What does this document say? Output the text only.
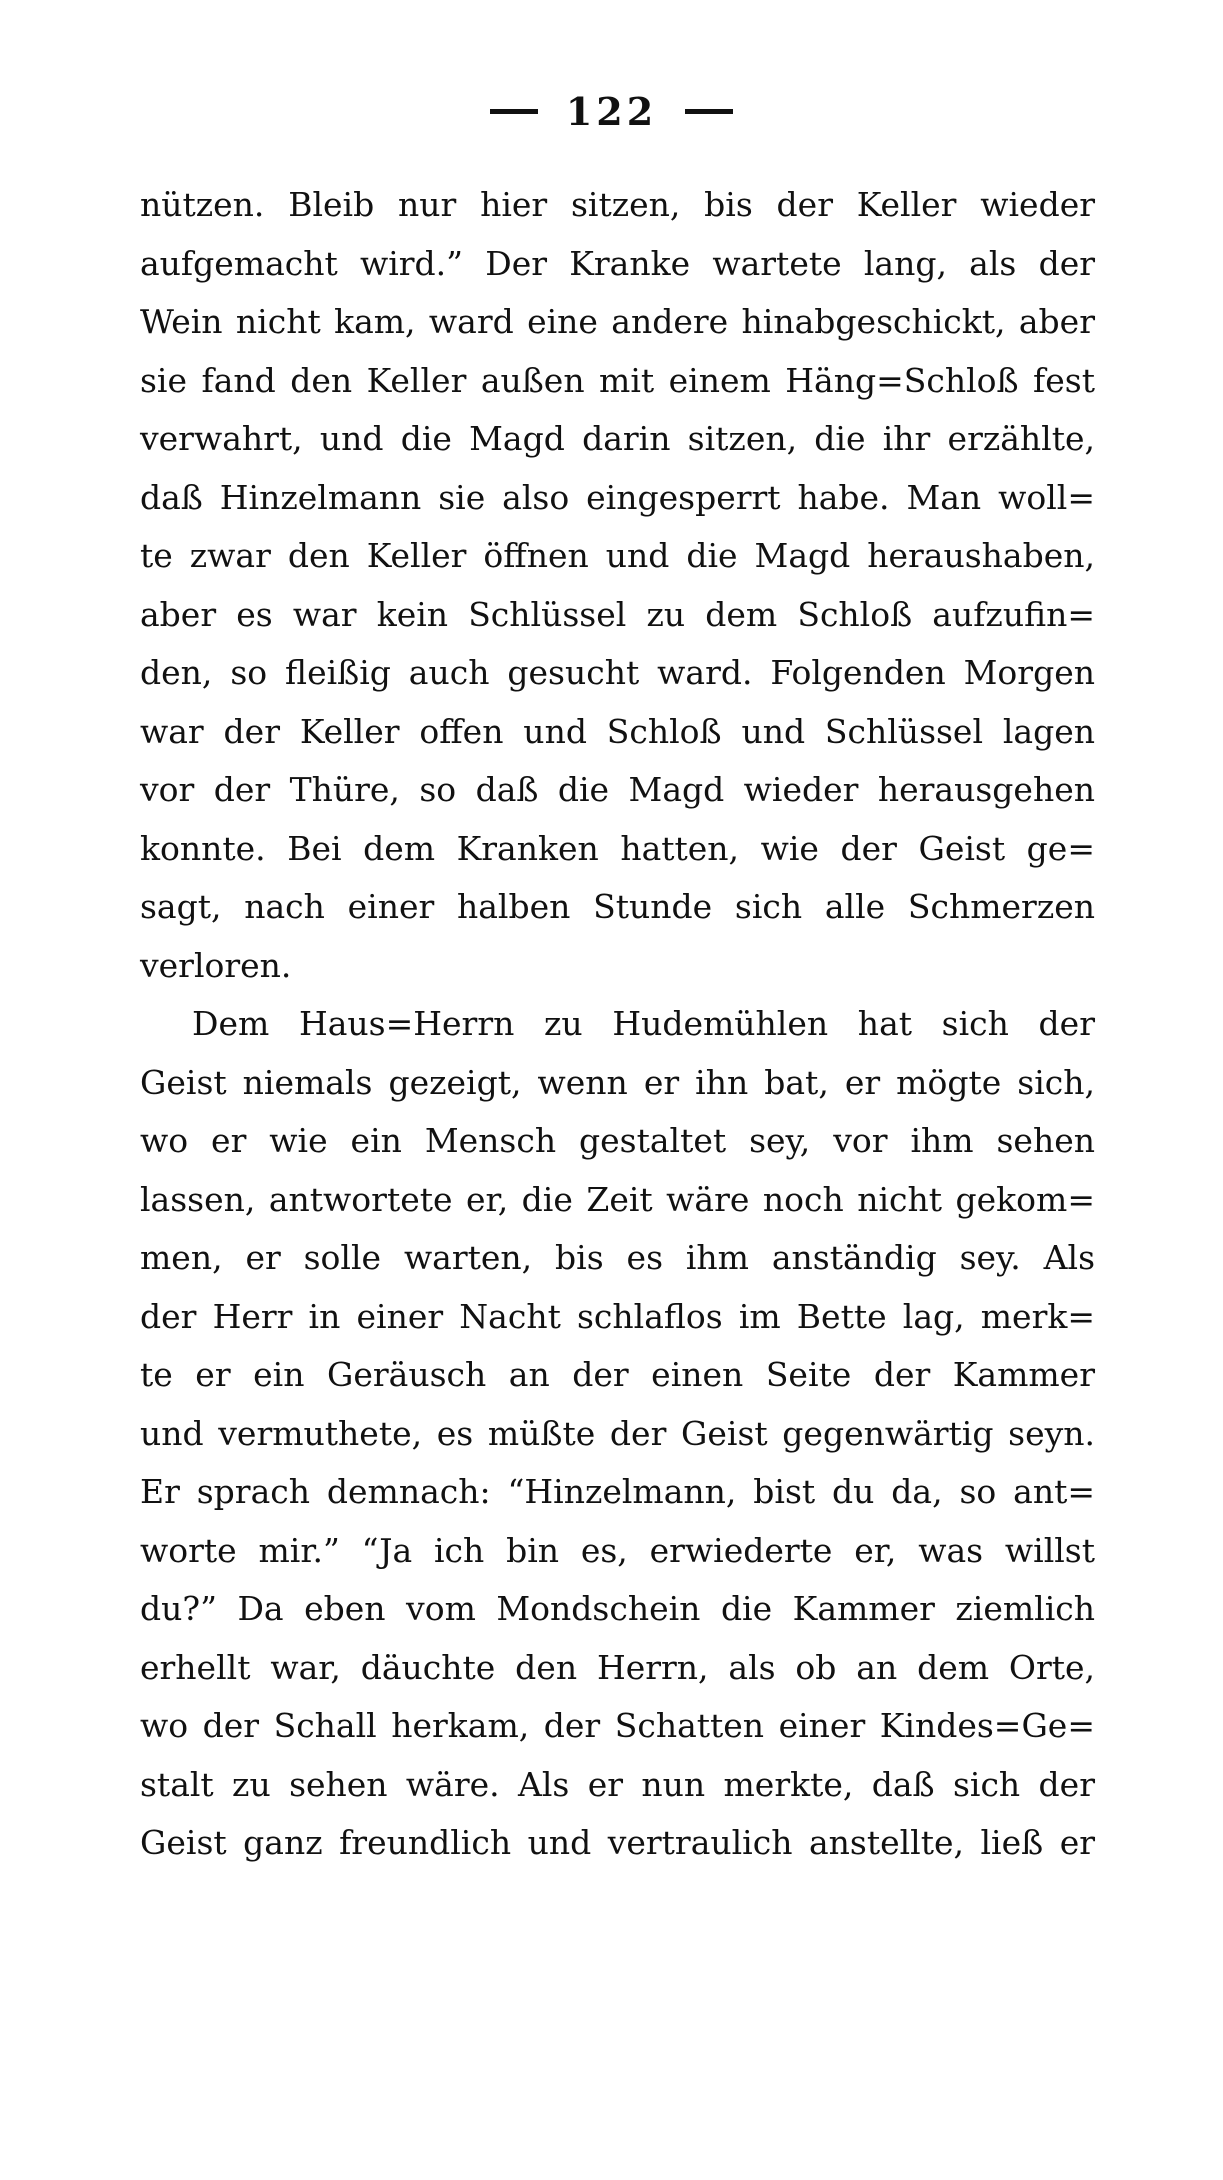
122
nützen. Bleib nur hier sitzen, bis der Keller wieder
aufgemacht wird.” Der Kranke wartete lang, als der
Wein nicht kam, ward eine andere hinabgeschickt, aber
sie fand den Keller außen mit einem Häng=Schloß fest
verwahrt, und die Magd darin sitzen, die ihr erzählte,
daß Hinzelmann sie also eingesperrt habe. Man woll=
te zwar den Keller öffnen und die Magd heraushaben,
aber es war kein Schlüssel zu dem Schloß aufzufin=
den, so fleißig auch gesucht ward. Folgenden Morgen
war der Keller offen und Schloß und Schlüssel lagen
vor der Thüre, so daß die Magd wieder herausgehen
konnte. Bei dem Kranken hatten, wie der Geist ge=
sagt, nach einer halben Stunde sich alle Schmerzen
verloren.
Dem Haus=Herrn zu Hudemühlen hat sich der
Geist niemals gezeigt, wenn er ihn bat, er mögte sich,
wo er wie ein Mensch gestaltet sey, vor ihm sehen
lassen, antwortete er, die Zeit wäre noch nicht gekom=
men, er solle warten, bis es ihm anständig sey. Als
der Herr in einer Nacht schlaflos im Bette lag, merk=
te er ein Geräusch an der einen Seite der Kammer
und vermuthete, es müßte der Geist gegenwärtig seyn.
Er sprach demnach: “Hinzelmann, bist du da, so ant=
worte mir.” “Ja ich bin es, erwiederte er, was willst
du?” Da eben vom Mondschein die Kammer ziemlich
erhellt war, däuchte den Herrn, als ob an dem Orte,
wo der Schall herkam, der Schatten einer Kindes=Ge=
stalt zu sehen wäre. Als er nun merkte, daß sich der
Geist ganz freundlich und vertraulich anstellte, ließ er
